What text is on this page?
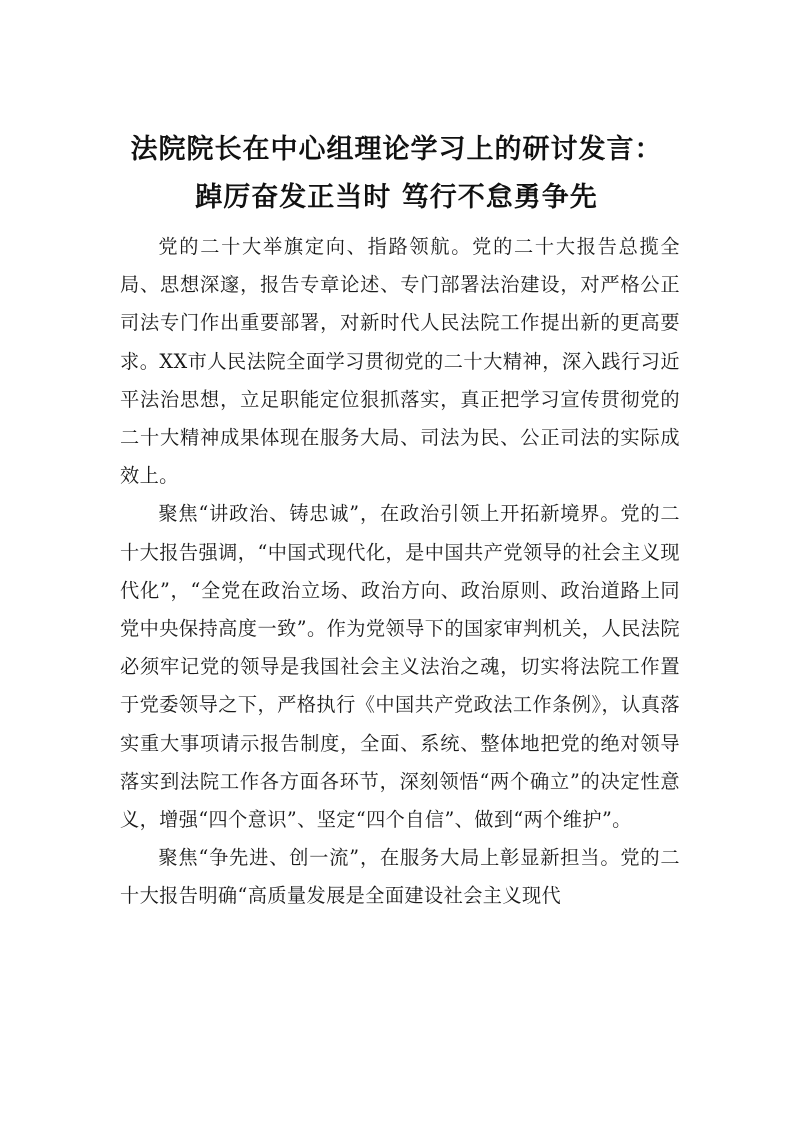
法院院长在中心组理论学习上的研讨发言：
踔厉奋发正当时 笃行不怠勇争先

党的二十大举旗定向、指路领航。党的二十大报告总揽全局、思想深邃，报告专章论述、专门部署法治建设，对严格公正司法专门作出重要部署，对新时代人民法院工作提出新的更高要求。XX市人民法院全面学习贯彻党的二十大精神，深入践行习近平法治思想，立足职能定位狠抓落实，真正把学习宣传贯彻党的二十大精神成果体现在服务大局、司法为民、公正司法的实际成效上。

聚焦“讲政治、铸忠诚”，在政治引领上开拓新境界。党的二十大报告强调，“中国式现代化，是中国共产党领导的社会主义现代化”，“全党在政治立场、政治方向、政治原则、政治道路上同党中央保持高度一致”。作为党领导下的国家审判机关，人民法院必须牢记党的领导是我国社会主义法治之魂，切实将法院工作置于党委领导之下，严格执行《中国共产党政法工作条例》，认真落实重大事项请示报告制度，全面、系统、整体地把党的绝对领导落实到法院工作各方面各环节，深刻领悟“两个确立”的决定性意义，增强“四个意识”、坚定“四个自信”、做到“两个维护”。

聚焦“争先进、创一流”，在服务大局上彰显新担当。党的二十大报告明确“高质量发展是全面建设社会主义现代
